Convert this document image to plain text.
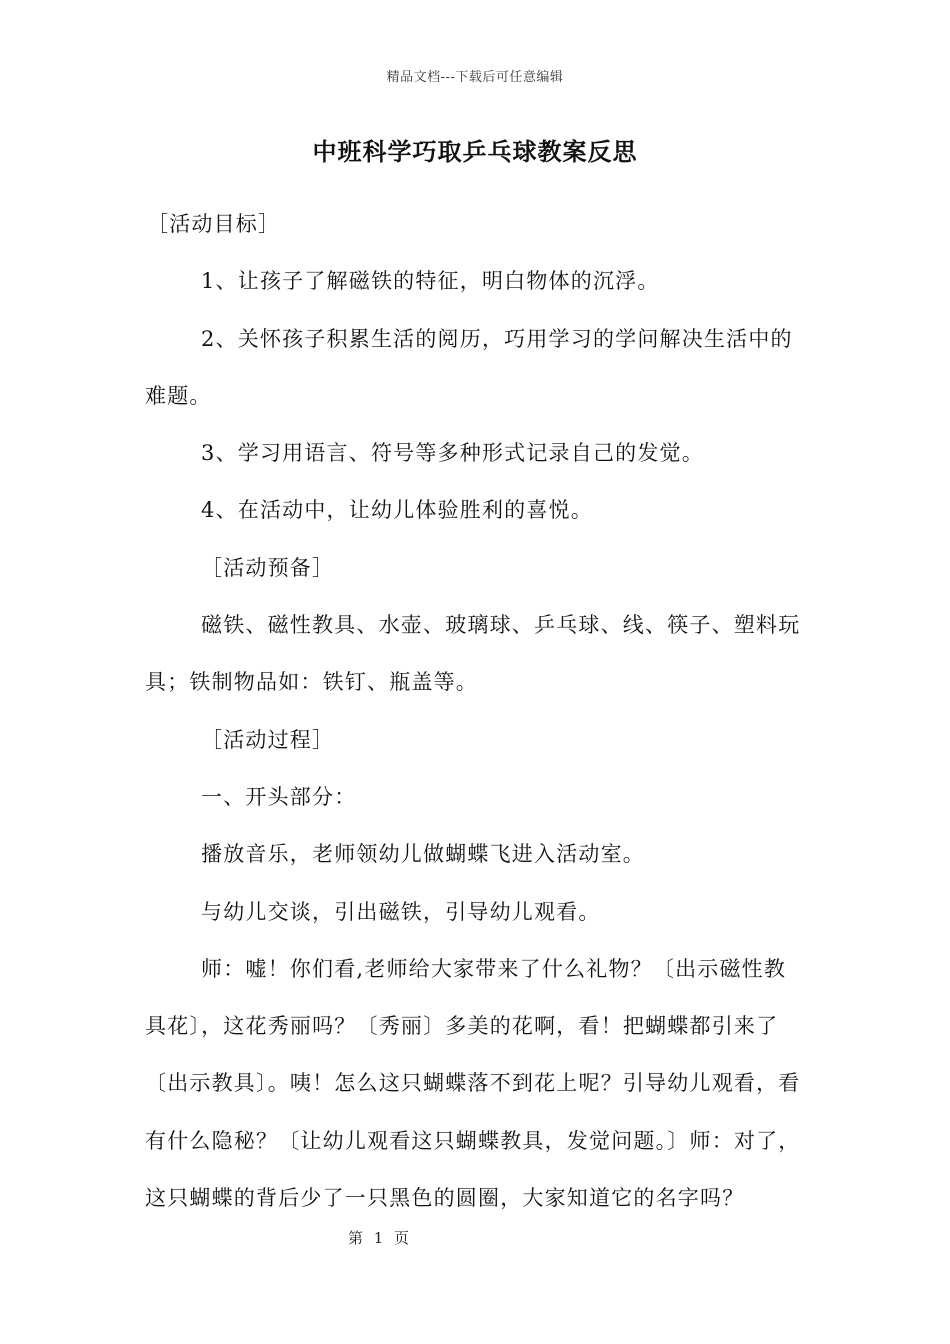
精品文档---下载后可任意编辑
中班科学巧取乒乓球教案反思

［活动目标］

1、让孩子了解磁铁的特征，明白物体的沉浮。

2、关怀孩子积累生活的阅历，巧用学习的学问解决生活中的难题。

3、学习用语言、符号等多种形式记录自己的发觉。

4、在活动中，让幼儿体验胜利的喜悦。

［活动预备］

磁铁、磁性教具、水壶、玻璃球、乒乓球、线、筷子、塑料玩具；铁制物品如：铁钉、瓶盖等。

［活动过程］

一、开头部分：

播放音乐，老师领幼儿做蝴蝶飞进入活动室。

与幼儿交谈，引出磁铁，引导幼儿观看。

师：嘘！你们看,老师给大家带来了什么礼物？〔出示磁性教具花〕，这花秀丽吗？〔秀丽〕多美的花啊，看！把蝴蝶都引来了〔出示教具〕。咦！怎么这只蝴蝶落不到花上呢？引导幼儿观看，看有什么隐秘？〔让幼儿观看这只蝴蝶教具，发觉问题。〕师：对了，这只蝴蝶的背后少了一只黑色的圆圈，大家知道它的名字吗？

第 1 页
